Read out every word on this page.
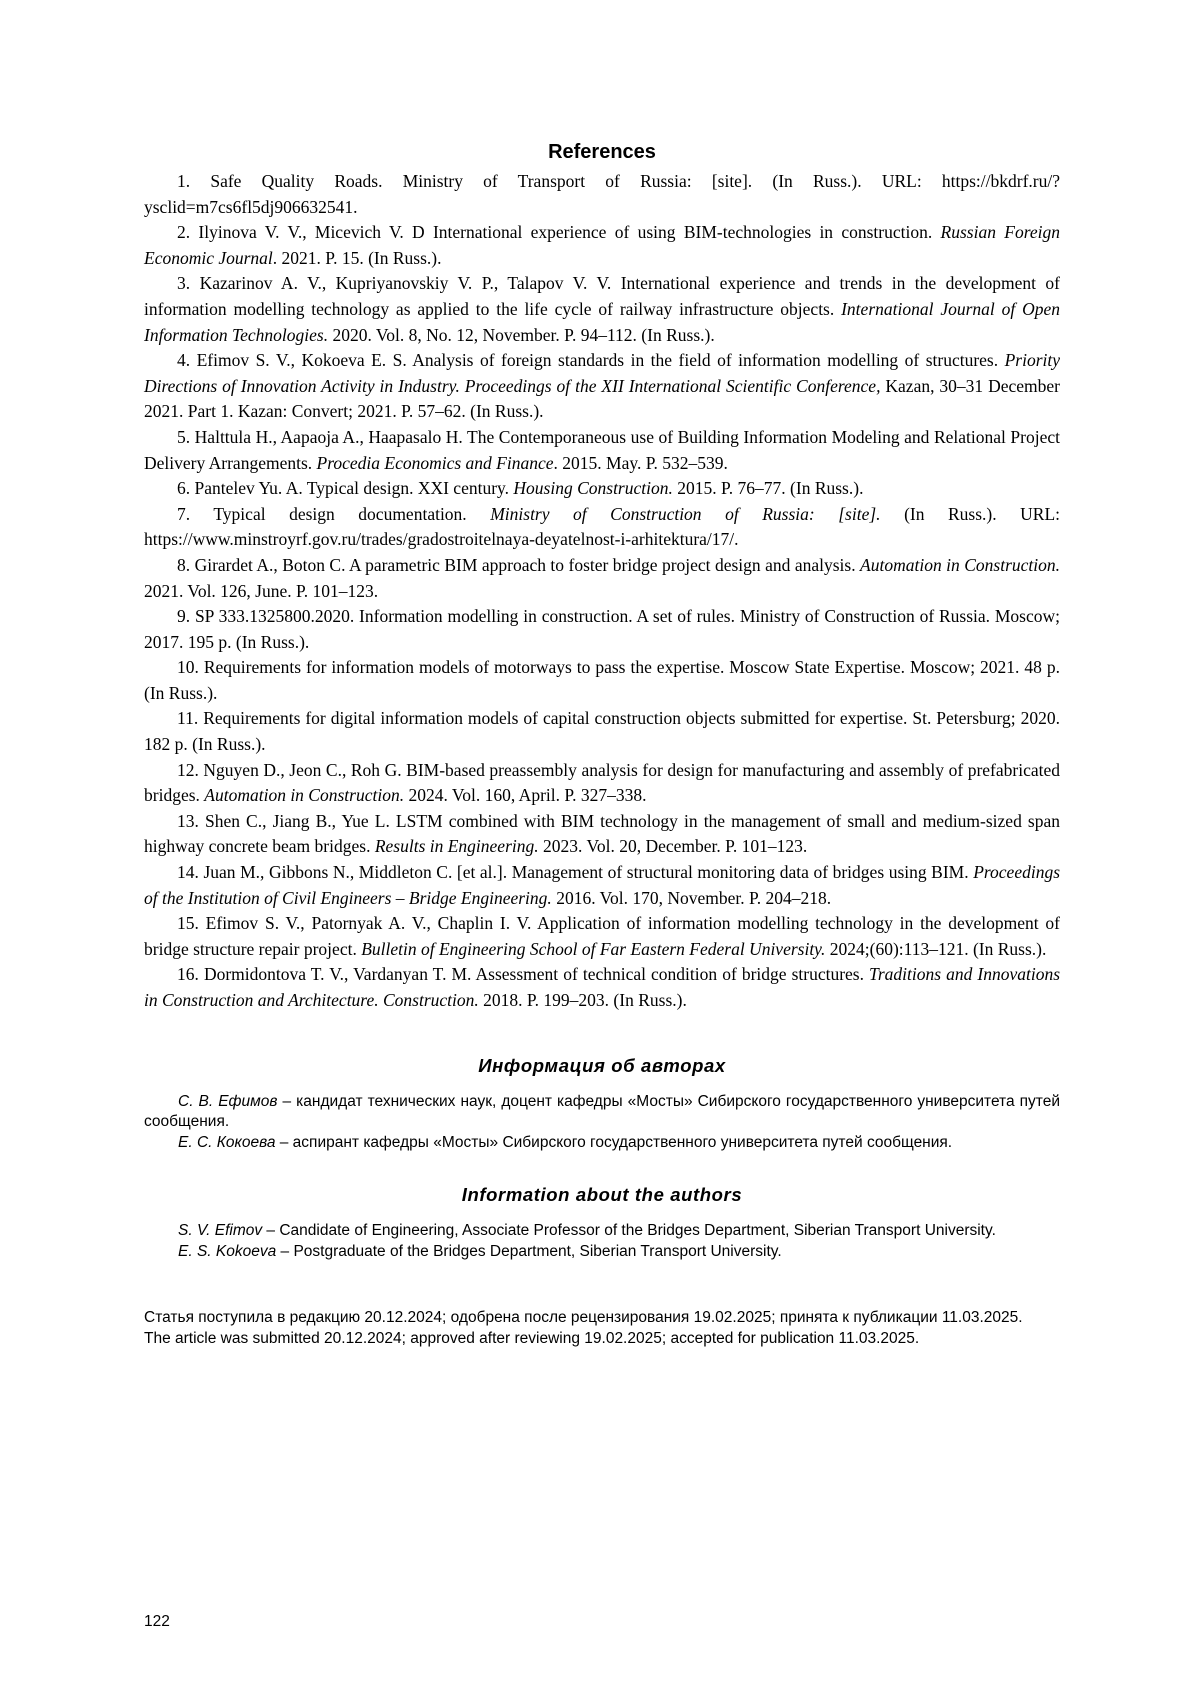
References

1. Safe Quality Roads. Ministry of Transport of Russia: [site]. (In Russ.). URL: https://bkdrf.ru/?ysclid=m7cs6fl5dj906632541.

2. Ilyinova V. V., Micevich V. D International experience of using BIM-technologies in construction. Russian Foreign Economic Journal. 2021. P. 15. (In Russ.).

3. Kazarinov A. V., Kupriyanovskiy V. P., Talapov V. V. International experience and trends in the development of information modelling technology as applied to the life cycle of railway infrastructure objects. International Journal of Open Information Technologies. 2020. Vol. 8, No. 12, November. P. 94–112. (In Russ.).

4. Efimov S. V., Kokoeva E. S. Analysis of foreign standards in the field of information modelling of structures. Priority Directions of Innovation Activity in Industry. Proceedings of the XII International Scientific Conference, Kazan, 30–31 December 2021. Part 1. Kazan: Convert; 2021. P. 57–62. (In Russ.).

5. Halttula H., Aapaoja A., Haapasalo H. The Contemporaneous use of Building Information Modeling and Relational Project Delivery Arrangements. Procedia Economics and Finance. 2015. May. P. 532–539.

6. Pantelev Yu. A. Typical design. XXI century. Housing Construction. 2015. P. 76–77. (In Russ.).

7. Typical design documentation. Ministry of Construction of Russia: [site]. (In Russ.). URL: https://www.minstroyrf.gov.ru/trades/gradostroitelnaya-deyatelnost-i-arhitektura/17/.

8. Girardet A., Boton C. A parametric BIM approach to foster bridge project design and analysis. Automation in Construction. 2021. Vol. 126, June. P. 101–123.

9. SP 333.1325800.2020. Information modelling in construction. A set of rules. Ministry of Construction of Russia. Moscow; 2017. 195 p. (In Russ.).

10. Requirements for information models of motorways to pass the expertise. Moscow State Expertise. Moscow; 2021. 48 p. (In Russ.).

11. Requirements for digital information models of capital construction objects submitted for expertise. St. Petersburg; 2020. 182 p. (In Russ.).

12. Nguyen D., Jeon C., Roh G. BIM-based preassembly analysis for design for manufacturing and assembly of prefabricated bridges. Automation in Construction. 2024. Vol. 160, April. P. 327–338.

13. Shen C., Jiang B., Yue L. LSTM combined with BIM technology in the management of small and medium-sized span highway concrete beam bridges. Results in Engineering. 2023. Vol. 20, December. P. 101–123.

14. Juan M., Gibbons N., Middleton C. [et al.]. Management of structural monitoring data of bridges using BIM. Proceedings of the Institution of Civil Engineers – Bridge Engineering. 2016. Vol. 170, November. P. 204–218.

15. Efimov S. V., Patornyak A. V., Chaplin I. V. Application of information modelling technology in the development of bridge structure repair project. Bulletin of Engineering School of Far Eastern Federal University. 2024;(60):113–121. (In Russ.).

16. Dormidontova T. V., Vardanyan T. M. Assessment of technical condition of bridge structures. Traditions and Innovations in Construction and Architecture. Construction. 2018. P. 199–203. (In Russ.).

Информация об авторах

С. В. Ефимов – кандидат технических наук, доцент кафедры «Мосты» Сибирского государственного университета путей сообщения.

Е. С. Кокоева – аспирант кафедры «Мосты» Сибирского государственного университета путей сообщения.

Information about the authors

S. V. Efimov – Candidate of Engineering, Associate Professor of the Bridges Department, Siberian Transport University.

E. S. Kokoeva – Postgraduate of the Bridges Department, Siberian Transport University.

Статья поступила в редакцию 20.12.2024; одобрена после рецензирования 19.02.2025; принята к публикации 11.03.2025.

The article was submitted 20.12.2024; approved after reviewing 19.02.2025; accepted for publication 11.03.2025.

122
